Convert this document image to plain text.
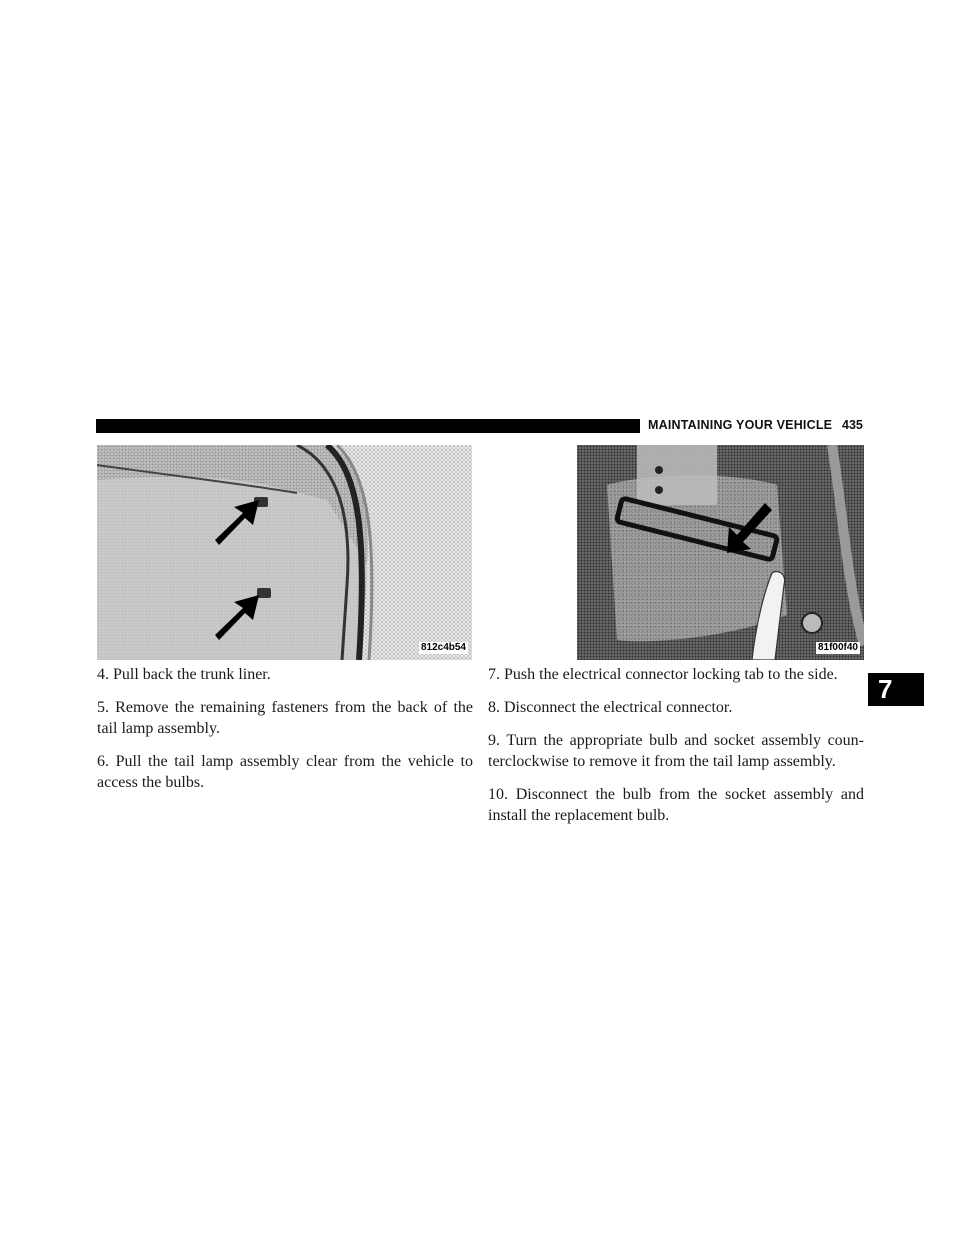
MAINTAINING YOUR VEHICLE 435
812c4b54	81f00f40

4. Pull back the trunk liner.

5. Remove the remaining fasteners from the back of the tail lamp assembly.

6. Pull the tail lamp assembly clear from the vehicle to access the bulbs.

7. Push the electrical connector locking tab to the side.

8. Disconnect the electrical connector.

9. Turn the appropriate bulb and socket assembly coun-terclockwise to remove it from the tail lamp assembly.

10. Disconnect the bulb from the socket assembly and install the replacement bulb.

7
